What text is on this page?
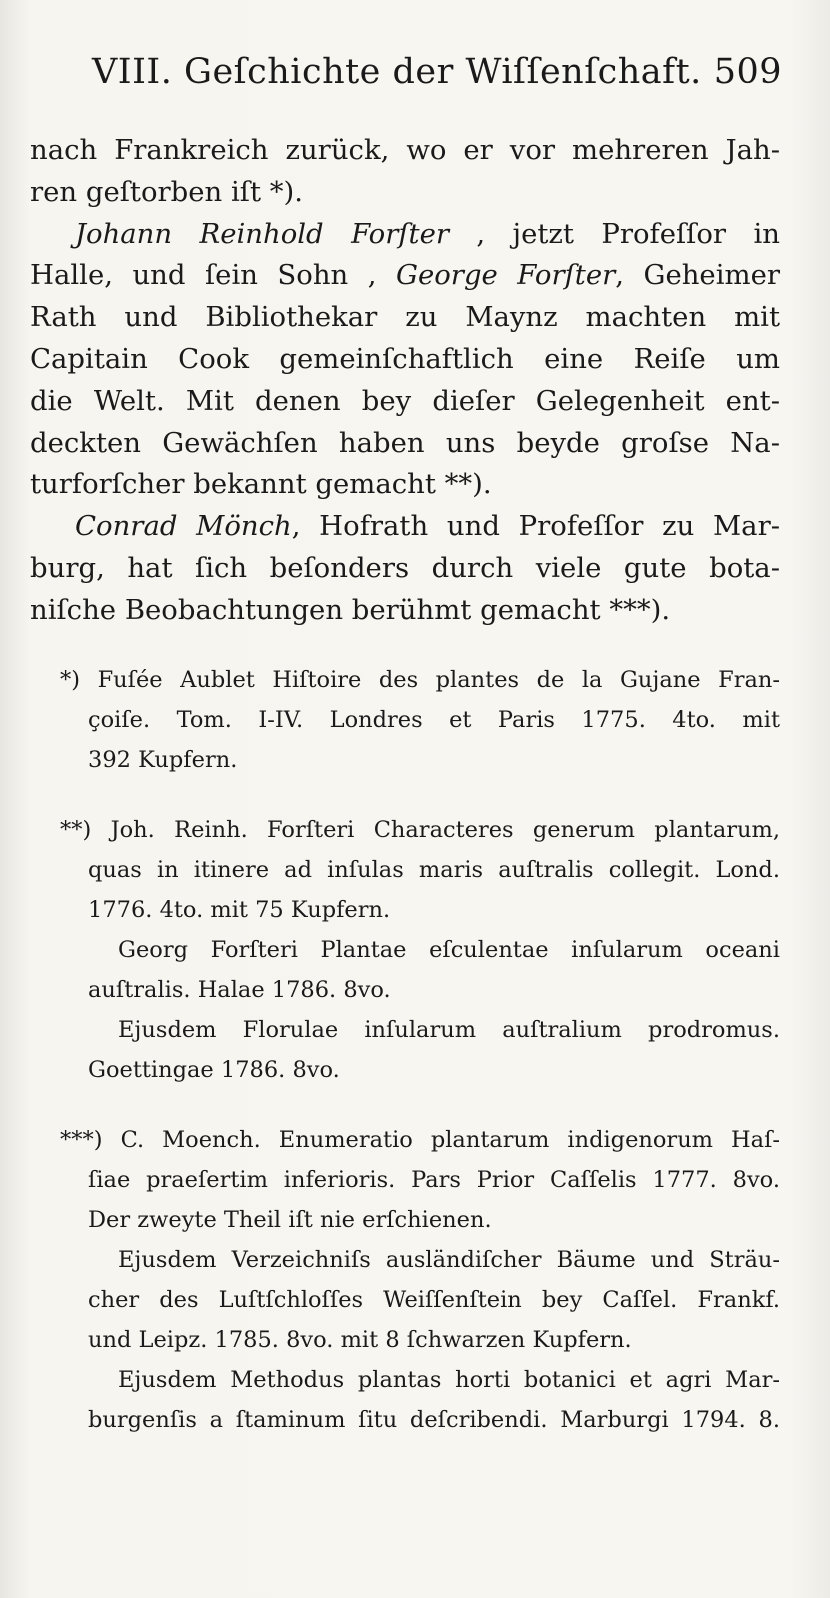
VIII. Geſchichte der Wiſſenſchaft. 509
nach Frankreich zurück, wo er vor mehreren Jah-
ren geſtorben iſt *).
Johann Reinhold Forſter , jetzt Profeſſor in
Halle, und ſein Sohn , George Forſter, Geheimer
Rath und Bibliothekar zu Maynz machten mit
Capitain Cook gemeinſchaftlich eine Reiſe um
die Welt. Mit denen bey dieſer Gelegenheit ent-
deckten Gewächſen haben uns beyde groſse Na-
turforſcher bekannt gemacht **).
Conrad Mönch, Hofrath und Profeſſor zu Mar-
burg, hat ſich beſonders durch viele gute bota-
niſche Beobachtungen berühmt gemacht ***).
*) Fuſée Aublet Hiſtoire des plantes de la Gujane Fran-
çoiſe. Tom. I-IV. Londres et Paris 1775. 4to. mit
392 Kupfern.
**) Joh. Reinh. Forſteri Characteres generum plantarum,
quas in itinere ad inſulas maris auſtralis collegit. Lond.
1776. 4to. mit 75 Kupfern.
Georg Forſteri Plantae eſculentae inſularum oceani
auſtralis. Halae 1786. 8vo.
Ejusdem Florulae inſularum auſtralium prodromus.
Goettingae 1786. 8vo.
***) C. Moench. Enumeratio plantarum indigenorum Haſ-
ſiae praeſertim inferioris. Pars Prior Caſſelis 1777. 8vo.
Der zweyte Theil iſt nie erſchienen.
Ejusdem Verzeichniſs ausländiſcher Bäume und Sträu-
cher des Luſtſchloſſes Weiſſenſtein bey Caſſel. Frankf.
und Leipz. 1785. 8vo. mit 8 ſchwarzen Kupfern.
Ejusdem Methodus plantas horti botanici et agri Mar-
burgenſis a ſtaminum ſitu deſcribendi. Marburgi 1794. 8.
